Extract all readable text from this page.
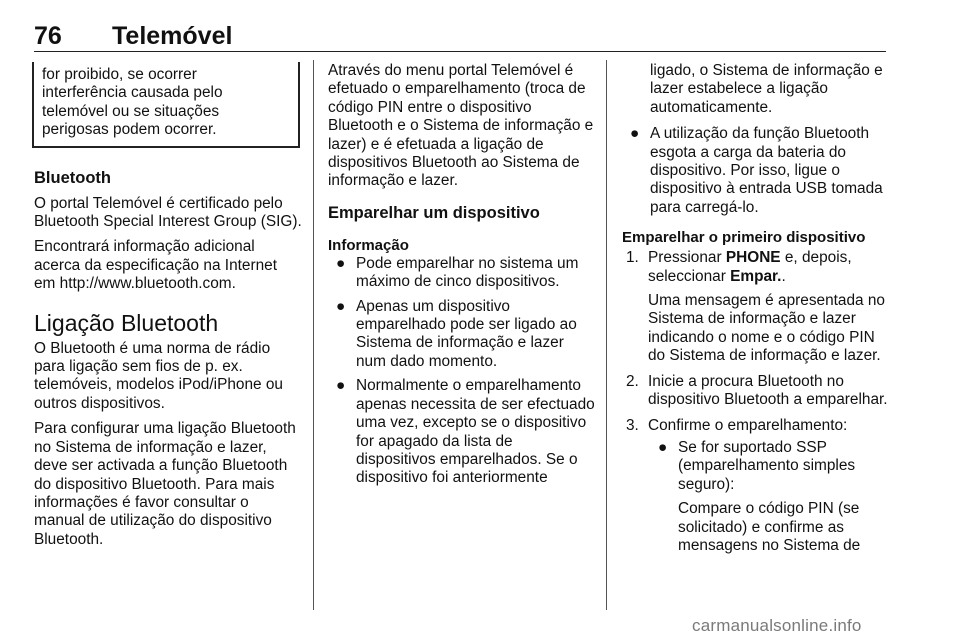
76 Telemóvel

for proibido, se ocorrer

interferência causada pelo

telemóvel ou se situações

perigosas podem ocorrer.

Bluetooth

O portal Telemóvel é certificado pelo Bluetooth Special Interest Group (SIG).

Encontrará informação adicional acerca da especificação na Internet em http://www.bluetooth.com.

Ligação Bluetooth

O Bluetooth é uma norma de rádio para ligação sem fios de p. ex. telemóveis, modelos iPod/iPhone ou outros dispositivos.

Para configurar uma ligação Bluetooth no Sistema de informação e lazer, deve ser activada a função Bluetooth do dispositivo Bluetooth. Para mais informações é favor consultar o manual de utilização do dispositivo Bluetooth.

Através do menu portal Telemóvel é efetuado o emparelhamento (troca de código PIN entre o dispositivo Bluetooth e o Sistema de informação e lazer) e é efetuada a ligação de dispositivos Bluetooth ao Sistema de informação e lazer.

Emparelhar um dispositivo

Informação

● Pode emparelhar no sistema um máximo de cinco dispositivos.
● Apenas um dispositivo emparelhado pode ser ligado ao Sistema de informação e lazer num dado momento.
● Normalmente o emparelhamento apenas necessita de ser efectuado uma vez, excepto se o dispositivo for apagado da lista de dispositivos emparelhados. Se o dispositivo foi anteriormente
ligado, o Sistema de informação e lazer estabelece a ligação automaticamente.
● A utilização da função Bluetooth esgota a carga da bateria do dispositivo. Por isso, ligue o dispositivo à entrada USB tomada para carregá-lo.

Emparelhar o primeiro dispositivo

1. Pressionar PHONE e, depois, seleccionar Empar..

Uma mensagem é apresentada no Sistema de informação e lazer indicando o nome e o código PIN do Sistema de informação e lazer.

2. Inicie a procura Bluetooth no dispositivo Bluetooth a emparelhar.

3. Confirme o emparelhamento:

● Se for suportado SSP (emparelhamento simples seguro):

Compare o código PIN (se solicitado) e confirme as mensagens no Sistema de

carmanualsonline.info
